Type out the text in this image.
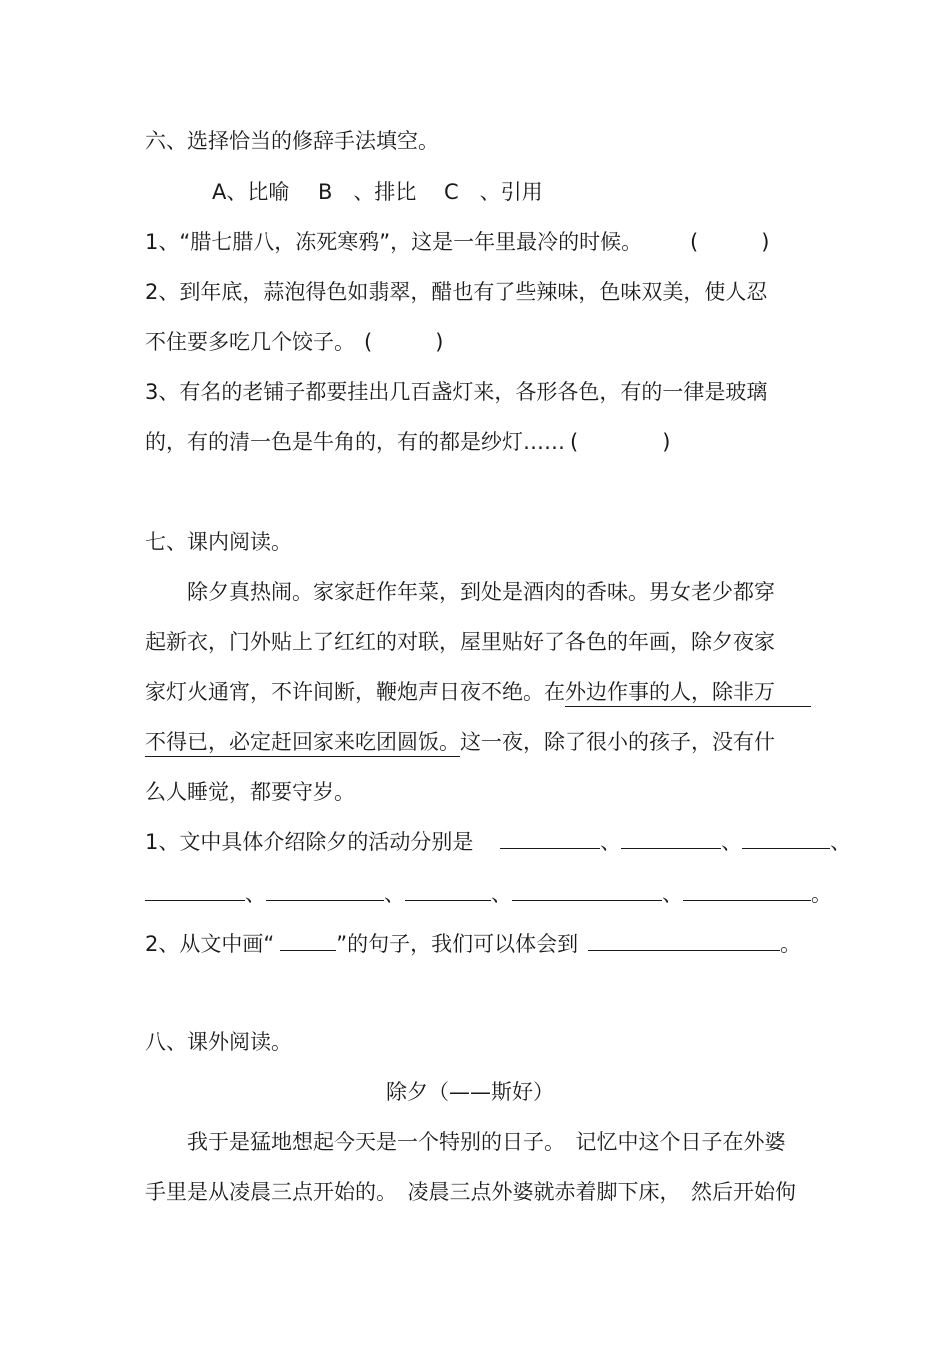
六、选择恰当的修辞手法填空。
A、比喻 B　、排比 C　、引用
1、“腊七腊八，冻死寒鸦”，这是一年里最冷的时候。 (　　　)
2、到年底，蒜泡得色如翡翠，醋也有了些辣味，色味双美，使人忍
不住要多吃几个饺子。 (　　　)
3、有名的老铺子都要挂出几百盏灯来，各形各色，有的一律是玻璃
的，有的清一色是牛角的，有的都是纱灯…… (　　　　)
七、课内阅读。
除夕真热闹。家家赶作年菜，到处是酒肉的香味。男女老少都穿
起新衣，门外贴上了红红的对联，屋里贴好了各色的年画，除夕夜家
家灯火通宵，不许间断，鞭炮声日夜不绝。在外边作事的人，除非万
不得已，必定赶回家来吃团圆饭。这一夜，除了很小的孩子，没有什
么人睡觉，都要守岁。
1、文中具体介绍除夕的活动分别是	、	、	、
、	、	、	、	。
2、从文中画“	”的句子，我们可以体会到	。
八、课外阅读。
除夕（——斯好）
我于是猛地想起今天是一个特别的日子。　记忆中这个日子在外婆
手里是从凌晨三点开始的。　凌晨三点外婆就赤着脚下床，　然后开始佝
